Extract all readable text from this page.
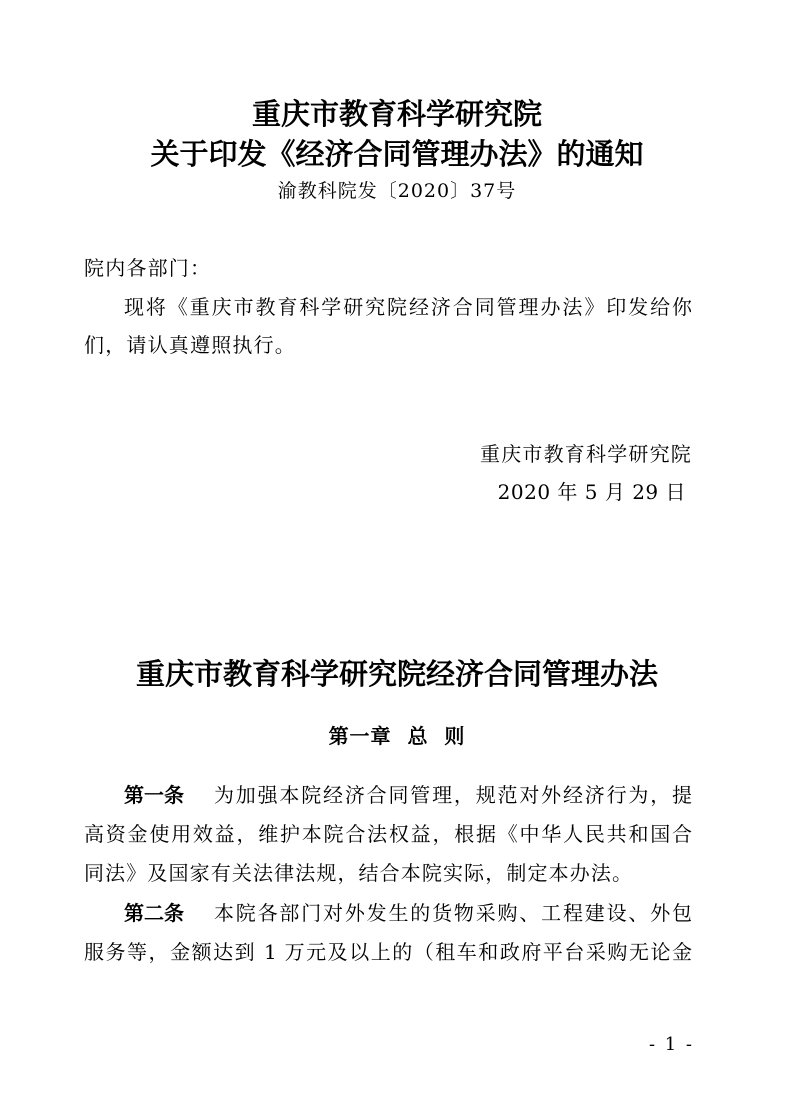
重庆市教育科学研究院
关于印发《经济合同管理办法》的通知
渝教科院发〔2020〕37号
院内各部门：
现将《重庆市教育科学研究院经济合同管理办法》印发给你
们，请认真遵照执行。
重庆市教育科学研究院
2020 年 5 月 29 日
重庆市教育科学研究院经济合同管理办法
第一章  总  则
第一条	为加强本院经济合同管理，规范对外经济行为，提
高资金使用效益，维护本院合法权益，根据《中华人民共和国合
同法》及国家有关法律法规，结合本院实际，制定本办法。
第二条	本院各部门对外发生的货物采购、工程建设、外包
服务等，金额达到 1 万元及以上的（租车和政府平台采购无论金
- 1 -
